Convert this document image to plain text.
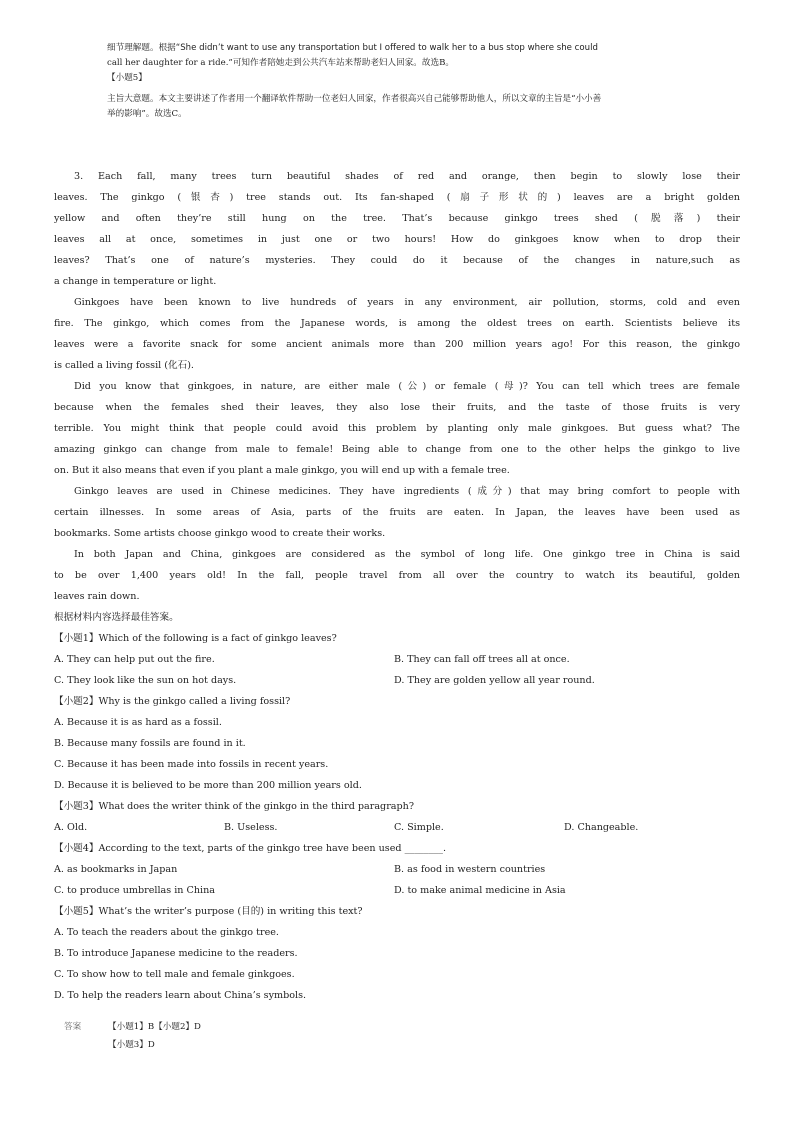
细节理解题。根据“She didn’t want to use any transportation but I offered to walk her to a bus stop where she could
call her daughter for a ride.”可知作者陪她走到公共汽车站来帮助老妇人回家。故选B。
【小题5】
主旨大意题。本文主要讲述了作者用一个翻译软件帮助一位老妇人回家，作者很高兴自己能够帮助他人，所以文章的主旨是“小小善
举的影响”。故选C。
3. Each fall, many trees turn beautiful shades of red and orange, then begin to slowly lose their
leaves. The ginkgo (银杏) tree stands out. Its fan-shaped (扇子形状的) leaves are a bright golden
yellow and often they’re still hung on the tree. That’s because ginkgo trees shed (脱落) their
leaves all at once, sometimes in just one or two hours! How do ginkgoes know when to drop their
leaves? That’s one of nature’s mysteries. They could do it because of the changes in nature,such as
a change in temperature or light.
Ginkgoes have been known to live hundreds of years in any environment, air pollution, storms, cold and even
fire. The ginkgo, which comes from the Japanese words, is among the oldest trees on earth. Scientists believe its
leaves were a favorite snack for some ancient animals more than 200 million years ago! For this reason, the ginkgo
is called a living fossil (化石).
Did you know that ginkgoes, in nature, are either male (公) or female (母)? You can tell which trees are female
because when the females shed their leaves, they also lose their fruits, and the taste of those fruits is very
terrible. You might think that people could avoid this problem by planting only male ginkgoes. But guess what? The
amazing ginkgo can change from male to female! Being able to change from one to the other helps the ginkgo to live
on. But it also means that even if you plant a male ginkgo, you will end up with a female tree.
Ginkgo leaves are used in Chinese medicines. They have ingredients (成分) that may bring comfort to people with
certain illnesses. In some areas of Asia, parts of the fruits are eaten. In Japan, the leaves have been used as
bookmarks. Some artists choose ginkgo wood to create their works.
In both Japan and China, ginkgoes are considered as the symbol of long life. One ginkgo tree in China is said
to be over 1,400 years old! In the fall, people travel from all over the country to watch its beautiful, golden
leaves rain down.
根据材料内容选择最佳答案。
【小题1】Which of the following is a fact of ginkgo leaves?
A. They can help put out the fire.	B. They can fall off trees all at once.
C. They look like the sun on hot days.	D. They are golden yellow all year round.
【小题2】Why is the ginkgo called a living fossil?
A. Because it is as hard as a fossil.
B. Because many fossils are found in it.
C. Because it has been made into fossils in recent years.
D. Because it is believed to be more than 200 million years old.
【小题3】What does the writer think of the ginkgo in the third paragraph?
A. Old.	B. Useless.	C. Simple.	D. Changeable.
【小题4】According to the text, parts of the ginkgo tree have been used ________.
A. as bookmarks in Japan	B. as food in western countries
C. to produce umbrellas in China	D. to make animal medicine in Asia
【小题5】What’s the writer’s purpose (目的) in writing this text?
A. To teach the readers about the ginkgo tree.
B. To introduce Japanese medicine to the readers.
C. To show how to tell male and female ginkgoes.
D. To help the readers learn about China’s symbols.
答案	【小题1】B【小题2】D
【小题3】D
